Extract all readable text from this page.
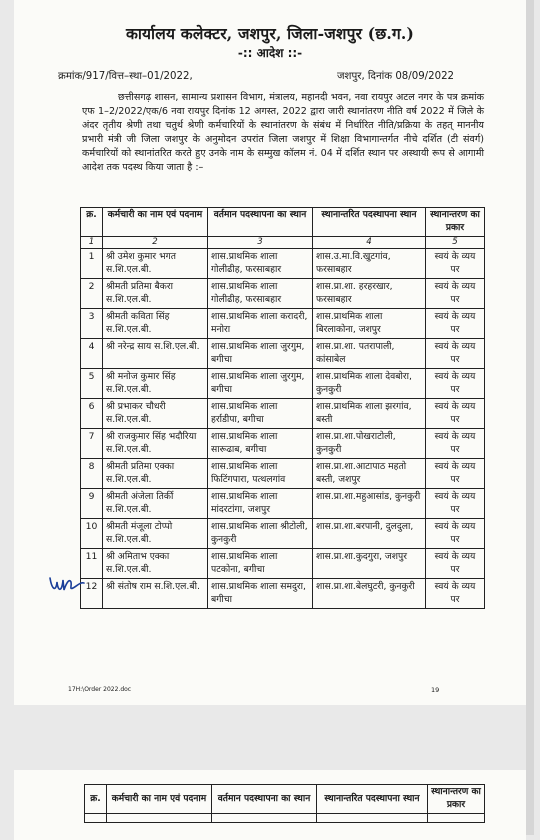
कार्यालय कलेक्टर, जशपुर, जिला-जशपुर (छ.ग.)
-:: आदेश ::-
क्रमांक/917/वित्त–स्था–01/2022,	जशपुर, दिनांक 08/09/2022
छत्तीसगढ़ शासन, सामान्य प्रशासन विभाग, मंत्रालय, महानदी भवन, नवा रायपुर अटल नगर के पत्र क्रमांक एफ 1–2/2022/एक/6 नवा रायपुर दिनांक 12 अगस्त, 2022 द्वारा जारी स्थानांतरण नीति वर्ष 2022 में जिले के अंदर तृतीय श्रेणी तथा चतुर्थ श्रेणी कर्मचारियों के स्थानांतरण के संबंध में निर्धारित नीति/प्रक्रिया के तहत् माननीय प्रभारी मंत्री जी जिला जशपुर के अनुमोदन उपरांत जिला जशपुर में शिक्षा विभागान्तर्गत नीचे दर्शित (टी संवर्ग) कर्मचारियों को स्थानांतरित करते हुए उनके नाम के सम्मुख कॉलम नं. 04 में दर्शित स्थान पर अस्थायी रूप से आगामी आदेश तक पदस्थ किया जाता है :–
क्र.	कर्मचारी का नाम एवं पदनाम	वर्तमान पदस्थापना का स्थान	स्थानान्तरित पदस्थापना स्थान	स्थानान्तरण का प्रकार
1	2	3	4	5
1	श्री उमेश कुमार भगत स.शि.एल.बी.	शास.प्राथमिक शाला गोलीढीह, फरसाबहार	शास.उ.मा.वि.खुटगांव, फरसाबहार	स्वयं के व्यय पर
2	श्रीमती प्रतिमा बैकरा स.शि.एल.बी.	शास.प्राथमिक शाला गोलीढीह, फरसाबहार	शास.प्रा.शा. हरहरखार, फरसाबहार	स्वयं के व्यय पर
3	श्रीमती कविता सिंह स.शि.एल.बी.	शास.प्राथमिक शाला करादरी, मनोरा	शास.प्राथमिक शाला बिरलाकोना, जशपुर	स्वयं के व्यय पर
4	श्री नरेन्द्र साय स.शि.एल.बी.	शास.प्राथमिक शाला जुरगुम, बगीचा	शास.प्रा.शा. पतरापाली, कांसाबेल	स्वयं के व्यय पर
5	श्री मनोज कुमार सिंह स.शि.एल.बी.	शास.प्राथमिक शाला जुरगुम, बगीचा	शास.प्राथमिक शाला देवबोरा, कुनकुरी	स्वयं के व्यय पर
6	श्री प्रभाकर चौधरी स.शि.एल.बी.	शास.प्राथमिक शाला हर्राडीपा, बगीचा	शास.प्राथमिक शाला झरगांव, बस्ती	स्वयं के व्यय पर
7	श्री राजकुमार सिंह भदौरिया स.शि.एल.बी.	शास.प्राथमिक शाला सारूढाब, बगीचा	शास.प्रा.शा.पोखराटोली, कुनकुरी	स्वयं के व्यय पर
8	श्रीमती प्रतिमा एक्का स.शि.एल.बी.	शास.प्राथमिक शाला फिटिंगपारा, पत्थलगांव	शास.प्रा.शा.आटापाठ महतो बस्ती, जशपुर	स्वयं के व्यय पर
9	श्रीमती अंजेला तिर्की स.शि.एल.बी.	शास.प्राथमिक शाला मांदरटांगा, जशपुर	शास.प्रा.शा.महुआसांड, कुनकुरी	स्वयं के व्यय पर
10	श्रीमती मंजूला टोप्पो स.शि.एल.बी.	शास.प्राथमिक शाला श्रीटोली, कुनकुरी	शास.प्रा.शा.बरपानी, दुलदुला,	स्वयं के व्यय पर
11	श्री अमिताभ एक्का स.शि.एल.बी.	शास.प्राथमिक शाला पटकोना, बगीचा	शास.प्रा.शा.कुदगुरा, जशपुर	स्वयं के व्यय पर
12	श्री संतोष राम स.शि.एल.बी.	शास.प्राथमिक शाला समदुरा, बगीचा	शास.प्रा.शा.बेलघुटरी, कुनकुरी	स्वयं के व्यय पर
17H:\Order 2022.doc	19
क्र.	कर्मचारी का नाम एवं पदनाम	वर्तमान पदस्थापना का स्थान	स्थानान्तरित पदस्थापना स्थान	स्थानान्तरण का प्रकार
